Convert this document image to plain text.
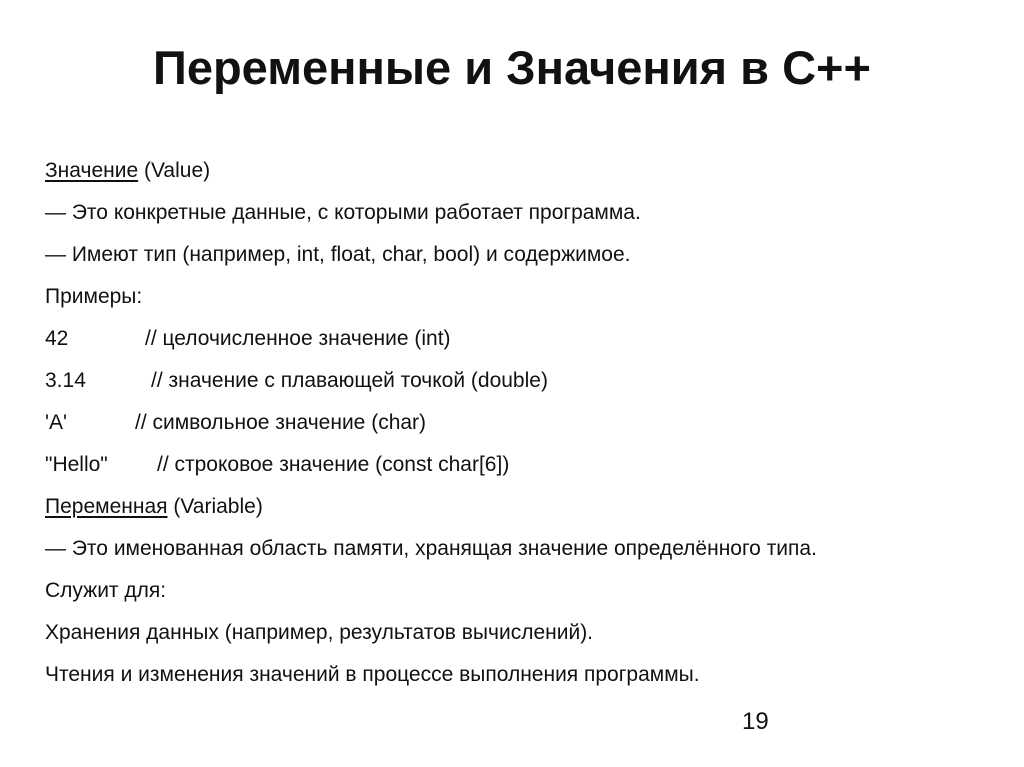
Переменные и Значения в C++
Значение (Value)
— Это конкретные данные, с которыми работает программа.
— Имеют тип (например, int, float, char, bool) и содержимое.
Примеры:
42	// целочисленное значение (int)
3.14	// значение с плавающей точкой (double)
'A'	// символьное значение (char)
"Hello" // строковое значение (const char[6])
Переменная (Variable)
— Это именованная область памяти, хранящая значение определённого типа.
Служит для:
Хранения данных (например, результатов вычислений).
Чтения и изменения значений в процессе выполнения программы.
19
